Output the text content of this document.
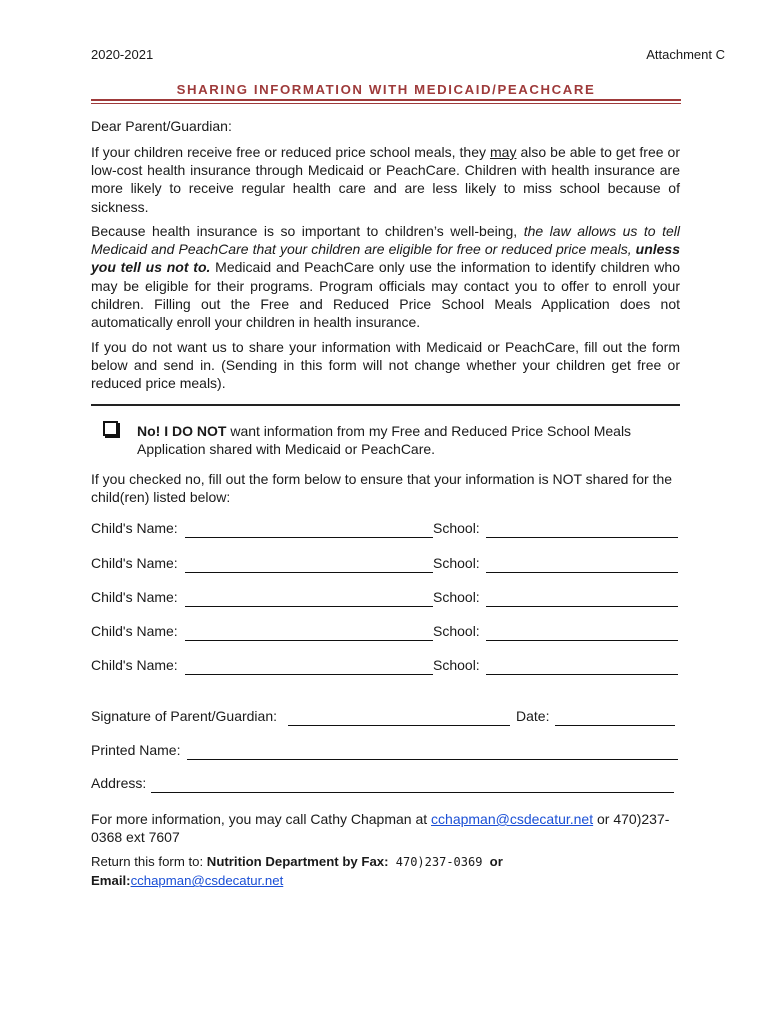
2020-2021	Attachment C
SHARING INFORMATION WITH MEDICAID/PEACHCARE

Dear Parent/Guardian:

If your children receive free or reduced price school meals, they may also be able to get free or low-cost health insurance through Medicaid or PeachCare. Children with health insurance are more likely to receive regular health care and are less likely to miss school because of sickness.

Because health insurance is so important to children’s well-being, the law allows us to tell Medicaid and PeachCare that your children are eligible for free or reduced price meals, unless you tell us not to. Medicaid and PeachCare only use the information to identify children who may be eligible for their programs. Program officials may contact you to offer to enroll your children. Filling out the Free and Reduced Price School Meals Application does not automatically enroll your children in health insurance.

If you do not want us to share your information with Medicaid or PeachCare, fill out the form below and send in. (Sending in this form will not change whether your children get free or reduced price meals).

No! I DO NOT want information from my Free and Reduced Price School Meals Application shared with Medicaid or PeachCare.

If you checked no, fill out the form below to ensure that your information is NOT shared for the child(ren) listed below:

Child's Name:	School:
Child's Name:	School:
Child's Name:	School:
Child's Name:	School:
Child's Name:	School:
Signature of Parent/Guardian:	Date:
Printed Name:
Address:

For more information, you may call Cathy Chapman at cchapman@csdecatur.net or 470)237-0368 ext 7607

Return this form to: Nutrition Department by Fax: 470)237-0369 or
Email:cchapman@csdecatur.net
